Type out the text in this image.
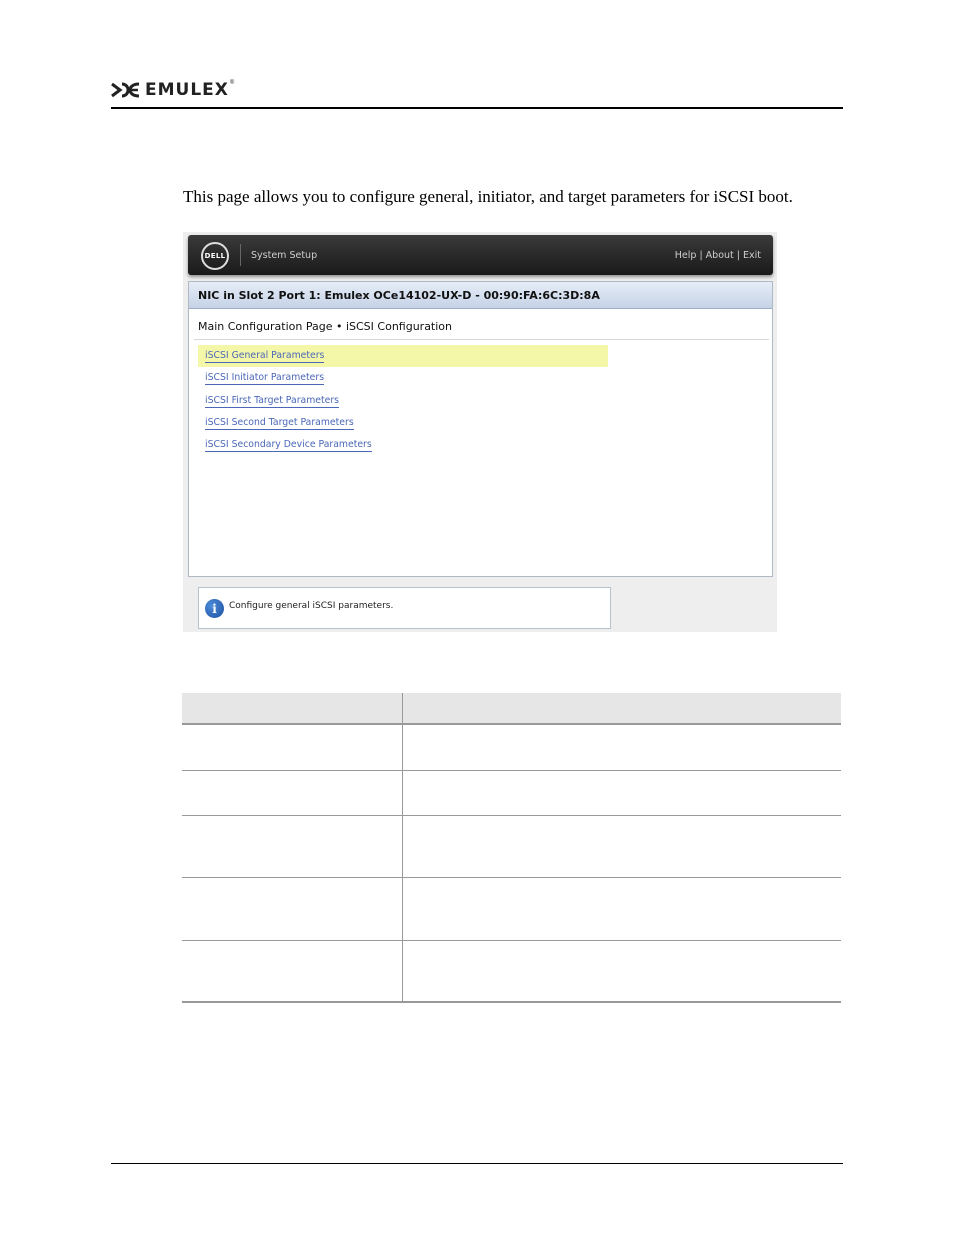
EMULEX ®

This page allows you to configure general, initiator, and target parameters for iSCSI boot.

DELL	System Setup	Help | About | Exit
NIC in Slot 2 Port 1: Emulex OCe14102-UX-D - 00:90:FA:6C:3D:8A
Main Configuration Page • iSCSI Configuration
iSCSI General Parameters
iSCSI Initiator Parameters
iSCSI First Target Parameters
iSCSI Second Target Parameters
iSCSI Secondary Device Parameters
i	Configure general iSCSI parameters.
